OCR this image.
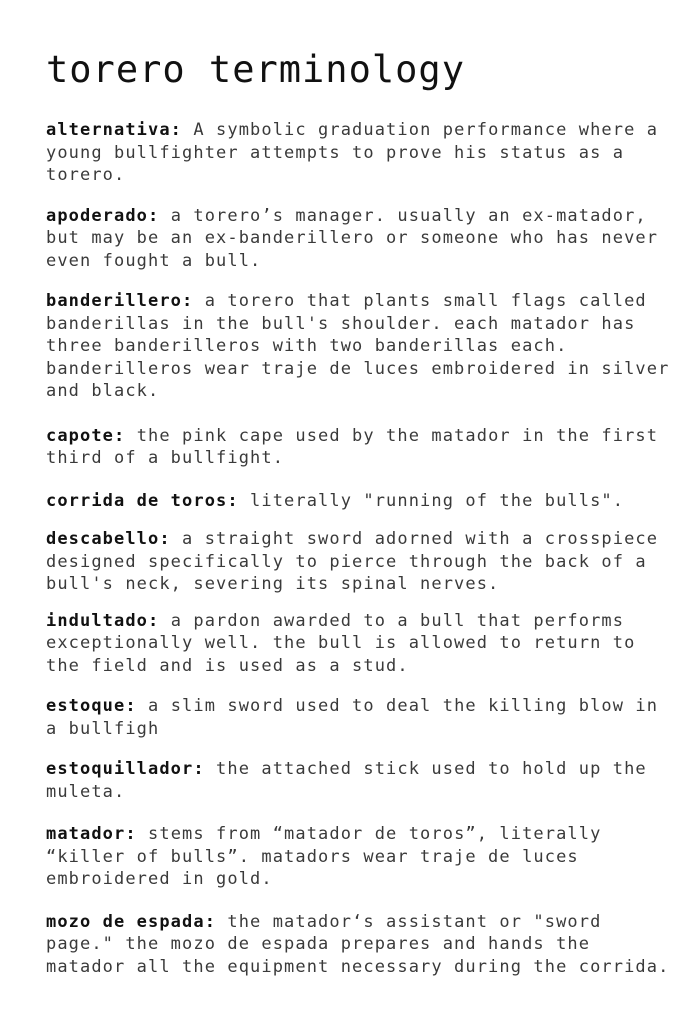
torero terminology

alternativa: A symbolic graduation performance where a young bullfighter attempts to prove his status as a torero.

apoderado: a torero’s manager. usually an ex-matador, but may be an ex-banderillero or someone who has never even fought a bull.

banderillero: a torero that plants small flags called banderillas in the bull's shoulder. each matador has three banderilleros with two banderillas each. banderilleros wear traje de luces embroidered in silver and black.

capote: the pink cape used by the matador in the first third of a bullfight.

corrida de toros: literally "running of the bulls".

descabello: a straight sword adorned with a crosspiece designed specifically to pierce through the back of a bull's neck, severing its spinal nerves.

indultado: a pardon awarded to a bull that performs exceptionally well. the bull is allowed to return to the field and is used as a stud.

estoque: a slim sword used to deal the killing blow in a bullfigh

estoquillador: the attached stick used to hold up the muleta.

matador: stems from “matador de toros”, literally “killer of bulls”. matadors wear traje de luces embroidered in gold.

mozo de espada: the matador‘s assistant or "sword page." the mozo de espada prepares and hands the matador all the equipment necessary during the corrida.
